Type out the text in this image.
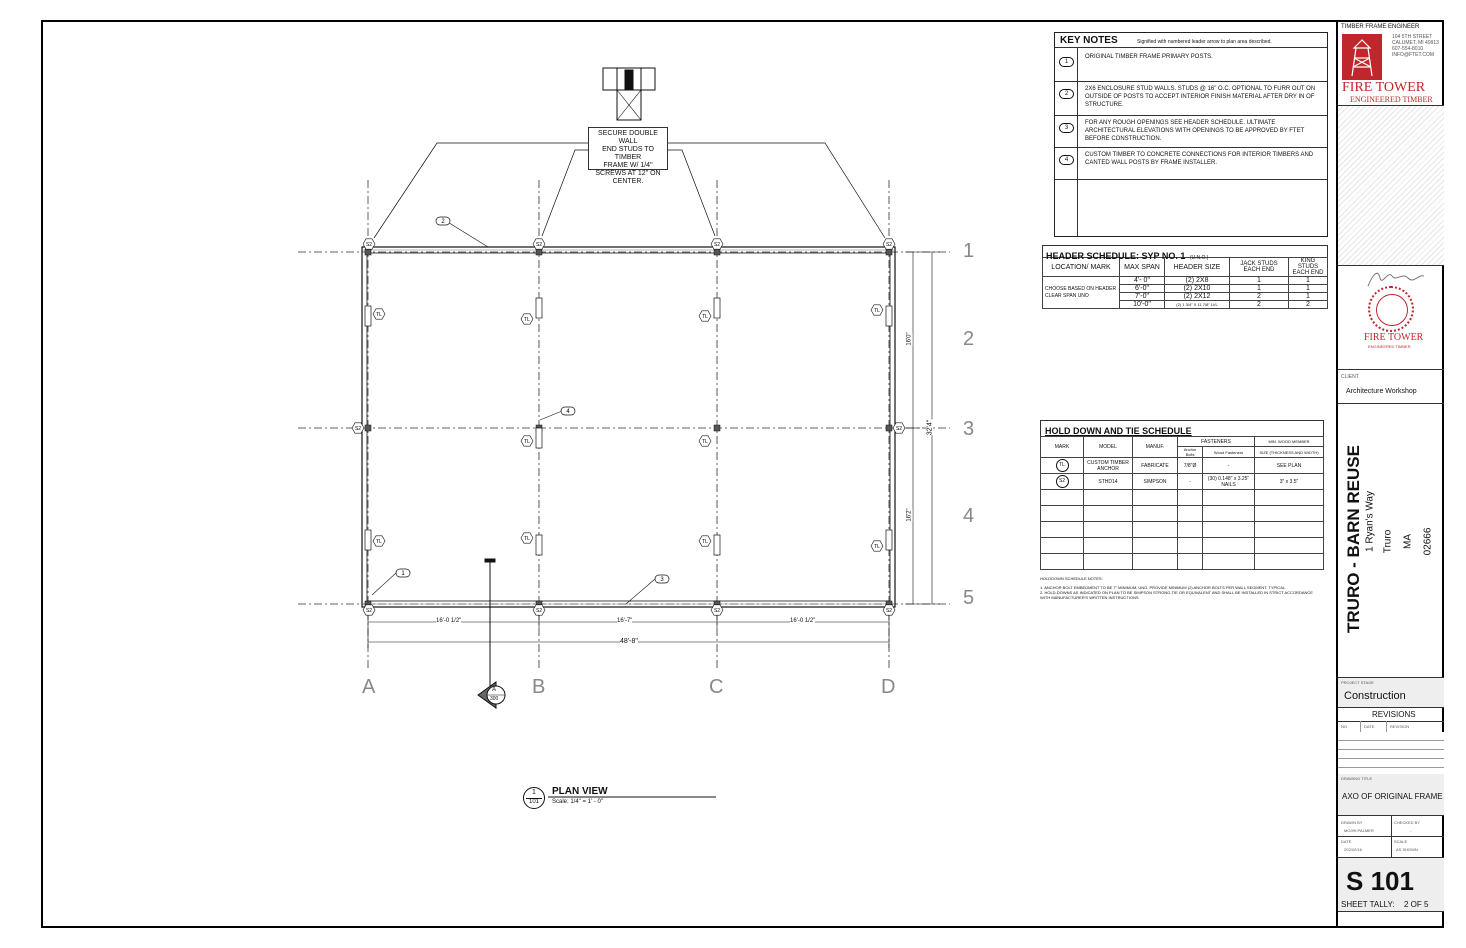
S2	S2	S2	S2
S2	S2
S2	S2	S2	S2
TL
TL	TL
TL
TL	TL
TL	TL	TL
TL
1
2
3
4
SECURE DOUBLE WALL
END STUDS TO TIMBER
FRAME W/ 1/4"
SCREWS AT 12" ON
CENTER.
A	B	C	D
1
2
3
4
5
16'-0 1/2"	16'-7"	16'-0 1/2"
48'-8"
16'0"
16'2"
32'4"
A
300
1
101
PLAN VIEW
Scale: 1/4" = 1' - 0"
KEY NOTES	Signified with numbered leader arrow to plan area described.
1
ORIGINAL TIMBER FRAME PRIMARY POSTS.
2
2X6 ENCLOSURE STUD WALLS. STUDS @ 16" O.C. OPTIONAL TO FURR OUT ON OUTSIDE OF POSTS TO ACCEPT INTERIOR FINISH MATERIAL AFTER DRY IN OF STRUCTURE.
3
FOR ANY ROUGH OPENINGS SEE HEADER SCHEDULE. ULTIMATE ARCHITECTURAL ELEVATIONS WITH OPENINGS TO BE APPROVED BY FTET BEFORE CONSTRUCTION.
4
CUSTOM TIMBER TO CONCRETE CONNECTIONS FOR INTERIOR TIMBERS AND CANTED WALL POSTS BY FRAME INSTALLER.
HEADER SCHEDULE: SYP NO. 1 (U.N.O.)
LOCATION/ MARK	MAX SPAN	HEADER SIZE	JACK STUDS EACH END	KING STUDS EACH END
CHOOSE BASED ON HEADER CLEAR SPAN UNO	4'- 0"	(2) 2X8	1	1
	6'-0"	(2) 2X10	1	1
	7'-0"	(2) 2X12	2	1
	10'-0"	(2) 1 3/4" X 11 7/8" LVL	2	2
HOLD DOWN AND TIE SCHEDULE
MARK	MODEL	MANUF.	FASTENERS		MIN. WOOD MEMBER
			Anchor Bolts	Wood Fasteners	SIZE (THICKNESS AND WIDTH)
TL	CUSTOM TIMBER ANCHOR	FABRICATE	7/8"Ø	-	SEE PLAN
S2	STHD14	SIMPSON	-	(30) 0.148" x 3.25" NAILS	3" x 3.5"

HOLDDOWN SCHEDULE NOTES:
1. ANCHOR BOLT EMBEDMENT TO BE 7" MINIMUM, UNO. PROVIDE MINIMUM (2) ANCHOR BOLTS PER WALL SEGMENT, TYPICAL.
2. HOLD-DOWNS AS INDICATED ON PLAN TO BE SIMPSON STRONG-TIE OR EQUIVALENT AND SHALL BE INSTALLED IN STRICT ACCORDANCE WITH MANUFACTURER'S WRITTEN INSTRUCTIONS.
TIMBER FRAME ENGINEER
104 5TH STREET
CALUMET, MI 49913
607-554-8010
INFO@FTET.COM
FIRE TOWER
ENGINEERED TIMBER
FIRE TOWER
ENGINEERED TIMBER
CLIENT
Architecture Workshop
TRURO - BARN REUSE 1 Ryan's Way Truro MA 02666
PROJECT STAGE
Construction
REVISIONS
NO	DATE	REVISION
DRAWING TITLE
AXO OF ORIGINAL FRAME
DRAWN BY
MOJHI PALMER
CHECKED BY
-
DATE
2024/2/16
SCALE
AS SHOWN
S 101
SHEET TALLY: 2 OF 5
